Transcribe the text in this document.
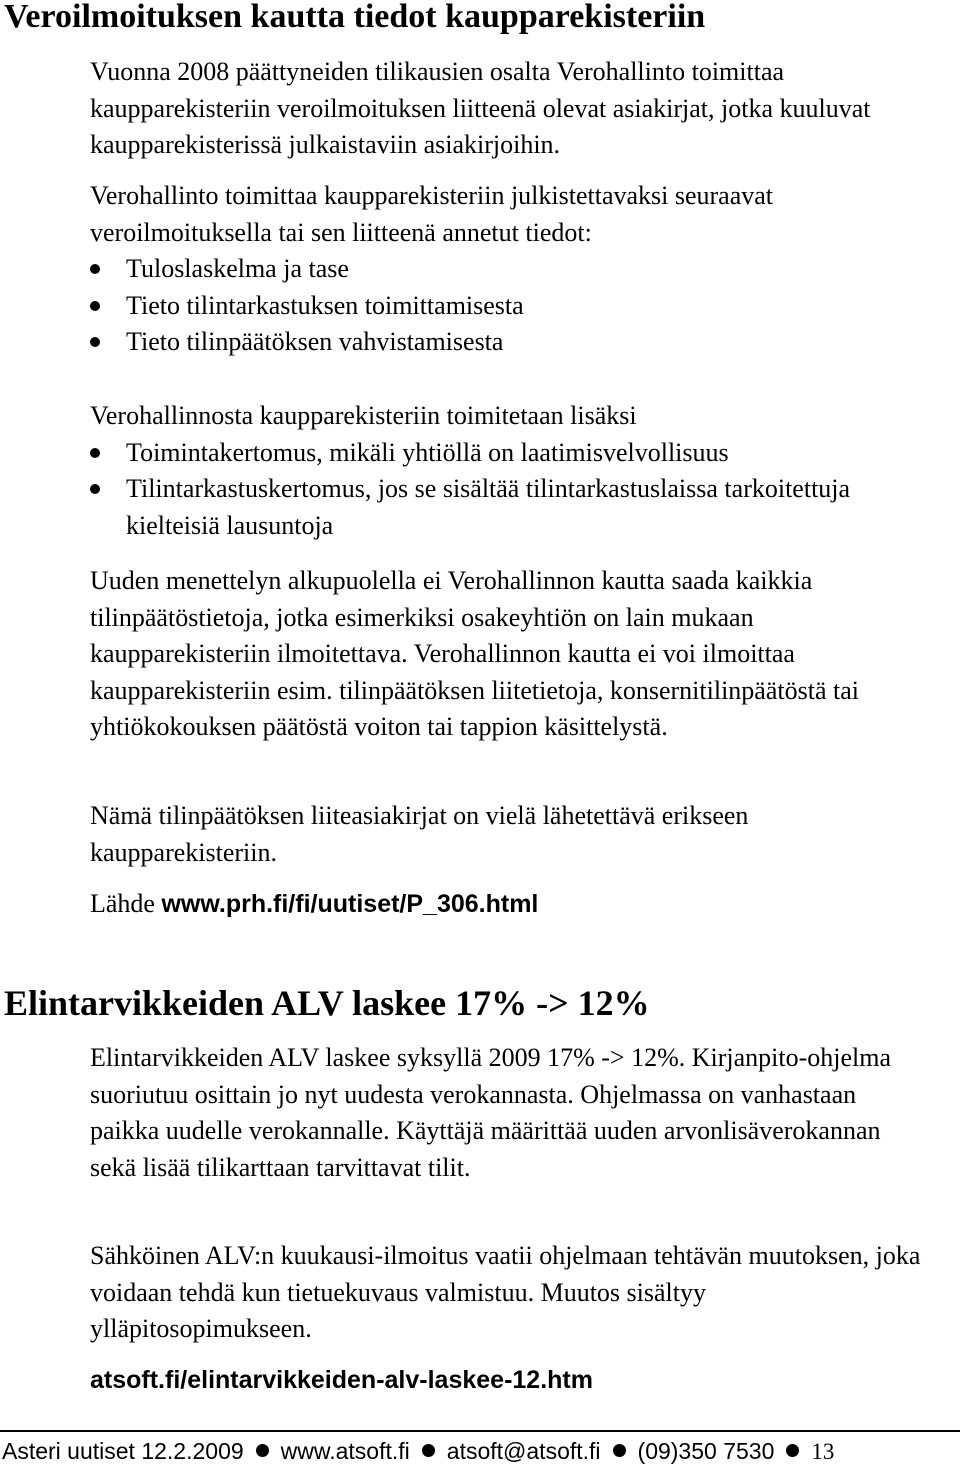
Veroilmoituksen kautta tiedot kaupparekisteriin

Vuonna 2008 päättyneiden tilikausien osalta Verohallinto toimittaa kaupparekisteriin veroilmoituksen liitteenä olevat asiakirjat, jotka kuuluvat kaupparekisterissä julkaistaviin asiakirjoihin.

Verohallinto toimittaa kaupparekisteriin julkistettavaksi seuraavat veroilmoituksella tai sen liitteenä annetut tiedot:

Tuloslaskelma ja tase
Tieto tilintarkastuksen toimittamisesta
Tieto tilinpäätöksen vahvistamisesta

Verohallinnosta kaupparekisteriin toimitetaan lisäksi

Toimintakertomus, mikäli yhtiöllä on laatimisvelvollisuus
Tilintarkastuskertomus, jos se sisältää tilintarkastuslaissa tarkoitettuja kielteisiä lausuntoja

Uuden menettelyn alkupuolella ei Verohallinnon kautta saada kaikkia tilinpäätöstietoja, jotka esimerkiksi osakeyhtiön on lain mukaan kaupparekisteriin ilmoitettava. Verohallinnon kautta ei voi ilmoittaa kaupparekisteriin esim. tilinpäätöksen liitetietoja, konsernitilinpäätöstä tai yhtiökokouksen päätöstä voiton tai tappion käsittelystä.

Nämä tilinpäätöksen liiteasiakirjat on vielä lähetettävä erikseen kaupparekisteriin.

Lähde www.prh.fi/fi/uutiset/P_306.html
Elintarvikkeiden ALV laskee 17% -> 12%

Elintarvikkeiden ALV laskee syksyllä 2009 17% -> 12%. Kirjanpito-ohjelma suoriutuu osittain jo nyt uudesta verokannasta. Ohjelmassa on vanhastaan paikka uudelle verokannalle. Käyttäjä määrittää uuden arvonlisäverokannan sekä lisää tilikarttaan tarvittavat tilit.

Sähköinen ALV:n kuukausi-ilmoitus vaatii ohjelmaan tehtävän muutoksen, joka voidaan tehdä kun tietuekuvaus valmistuu. Muutos sisältyy ylläpitosopimukseen.

atsoft.fi/elintarvikkeiden-alv-laskee-12.htm
Asteri uutiset 12.2.2009 www.atsoft.fi atsoft@atsoft.fi (09)350 7530 13
